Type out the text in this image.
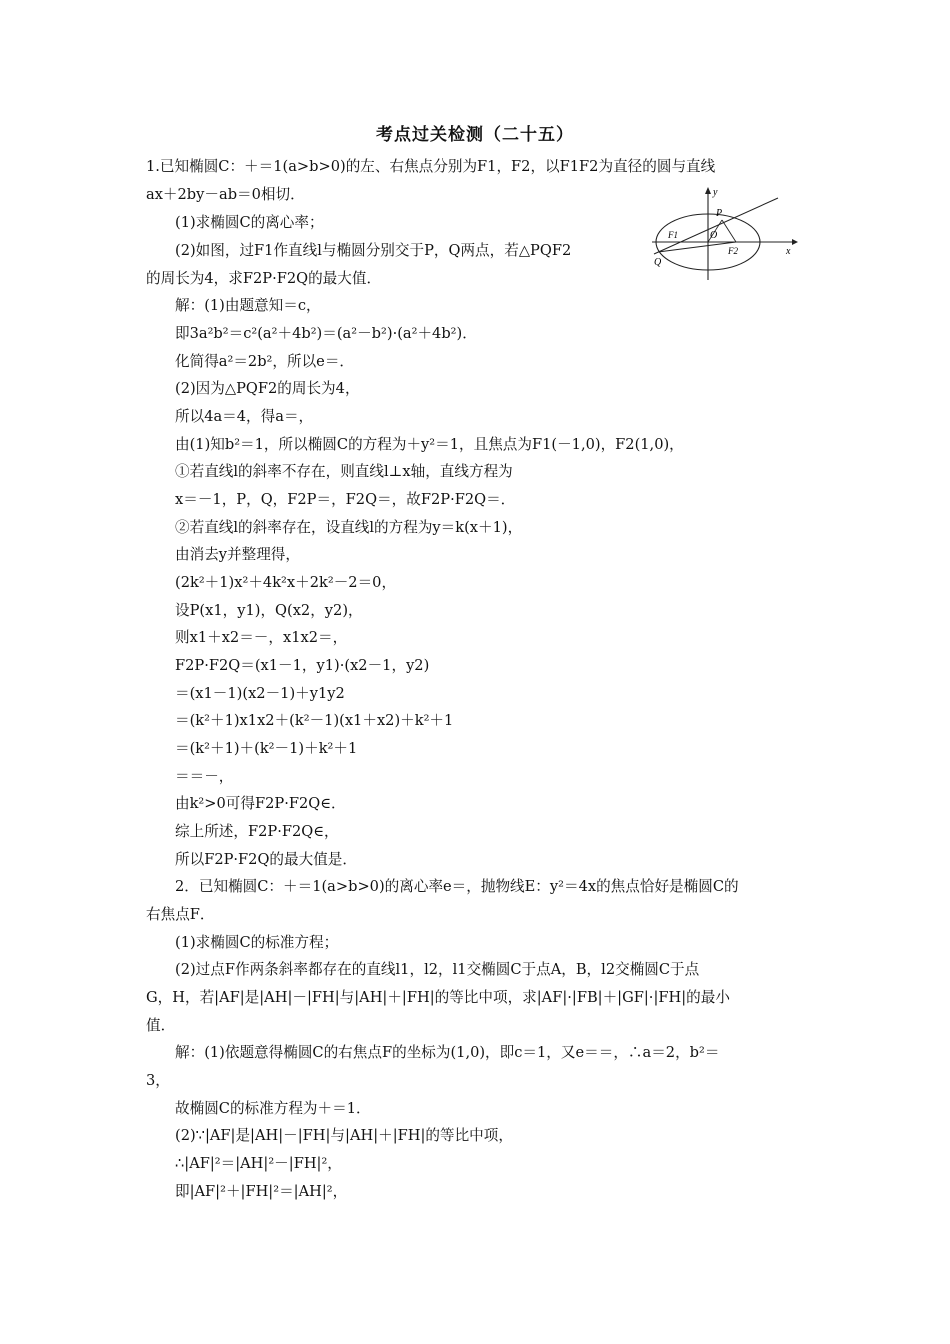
考点过关检测（二十五）
1.已知椭圆C：＋＝1(a>b>0)的左、右焦点分别为F1，F2，以F1F2为直径的圆与直线
ax＋2by－ab＝0相切．
(1)求椭圆C的离心率；
(2)如图，过F1作直线l与椭圆分别交于P，Q两点，若△PQF2
的周长为4，求F2P·F2Q的最大值．
解：(1)由题意知＝c，
即3a²b²＝c²(a²＋4b²)＝(a²－b²)·(a²＋4b²)．
化简得a²＝2b²，所以e＝．
(2)因为△PQF2的周长为4，
所以4a＝4，得a＝，
由(1)知b²＝1，所以椭圆C的方程为＋y²＝1，且焦点为F1(－1,0)，F2(1,0)，
①若直线l的斜率不存在，则直线l⊥x轴，直线方程为
x＝－1，P，Q，F2P＝，F2Q＝，故F2P·F2Q＝．
②若直线l的斜率存在，设直线l的方程为y＝k(x＋1)，
由消去y并整理得，
(2k²＋1)x²＋4k²x＋2k²－2＝0，
设P(x1，y1)，Q(x2，y2)，
则x1＋x2＝－，x1x2＝，
F2P·F2Q＝(x1－1，y1)·(x2－1，y2)
＝(x1－1)(x2－1)＋y1y2
＝(k²＋1)x1x2＋(k²－1)(x1＋x2)＋k²＋1
＝(k²＋1)＋(k²－1)＋k²＋1
＝＝－，
由k²>0可得F2P·F2Q∈．
综上所述，F2P·F2Q∈，
所以F2P·F2Q的最大值是．
2．已知椭圆C：＋＝1(a>b>0)的离心率e＝，抛物线E：y²＝4x的焦点恰好是椭圆C的
右焦点F．
(1)求椭圆C的标准方程；
(2)过点F作两条斜率都存在的直线l1，l2，l1交椭圆C于点A，B，l2交椭圆C于点
G，H，若|AF|是|AH|－|FH|与|AH|＋|FH|的等比中项，求|AF|·|FB|＋|GF|·|FH|的最小
值．
解：(1)依题意得椭圆C的右焦点F的坐标为(1,0)，即c＝1，又e＝＝，∴a＝2，b²＝
3，
故椭圆C的标准方程为＋＝1．
(2)∵|AF|是|AH|－|FH|与|AH|＋|FH|的等比中项，
∴|AF|²＝|AH|²－|FH|²，
即|AF|²＋|FH|²＝|AH|²，
y
x
P
O
F1
F2
Q
